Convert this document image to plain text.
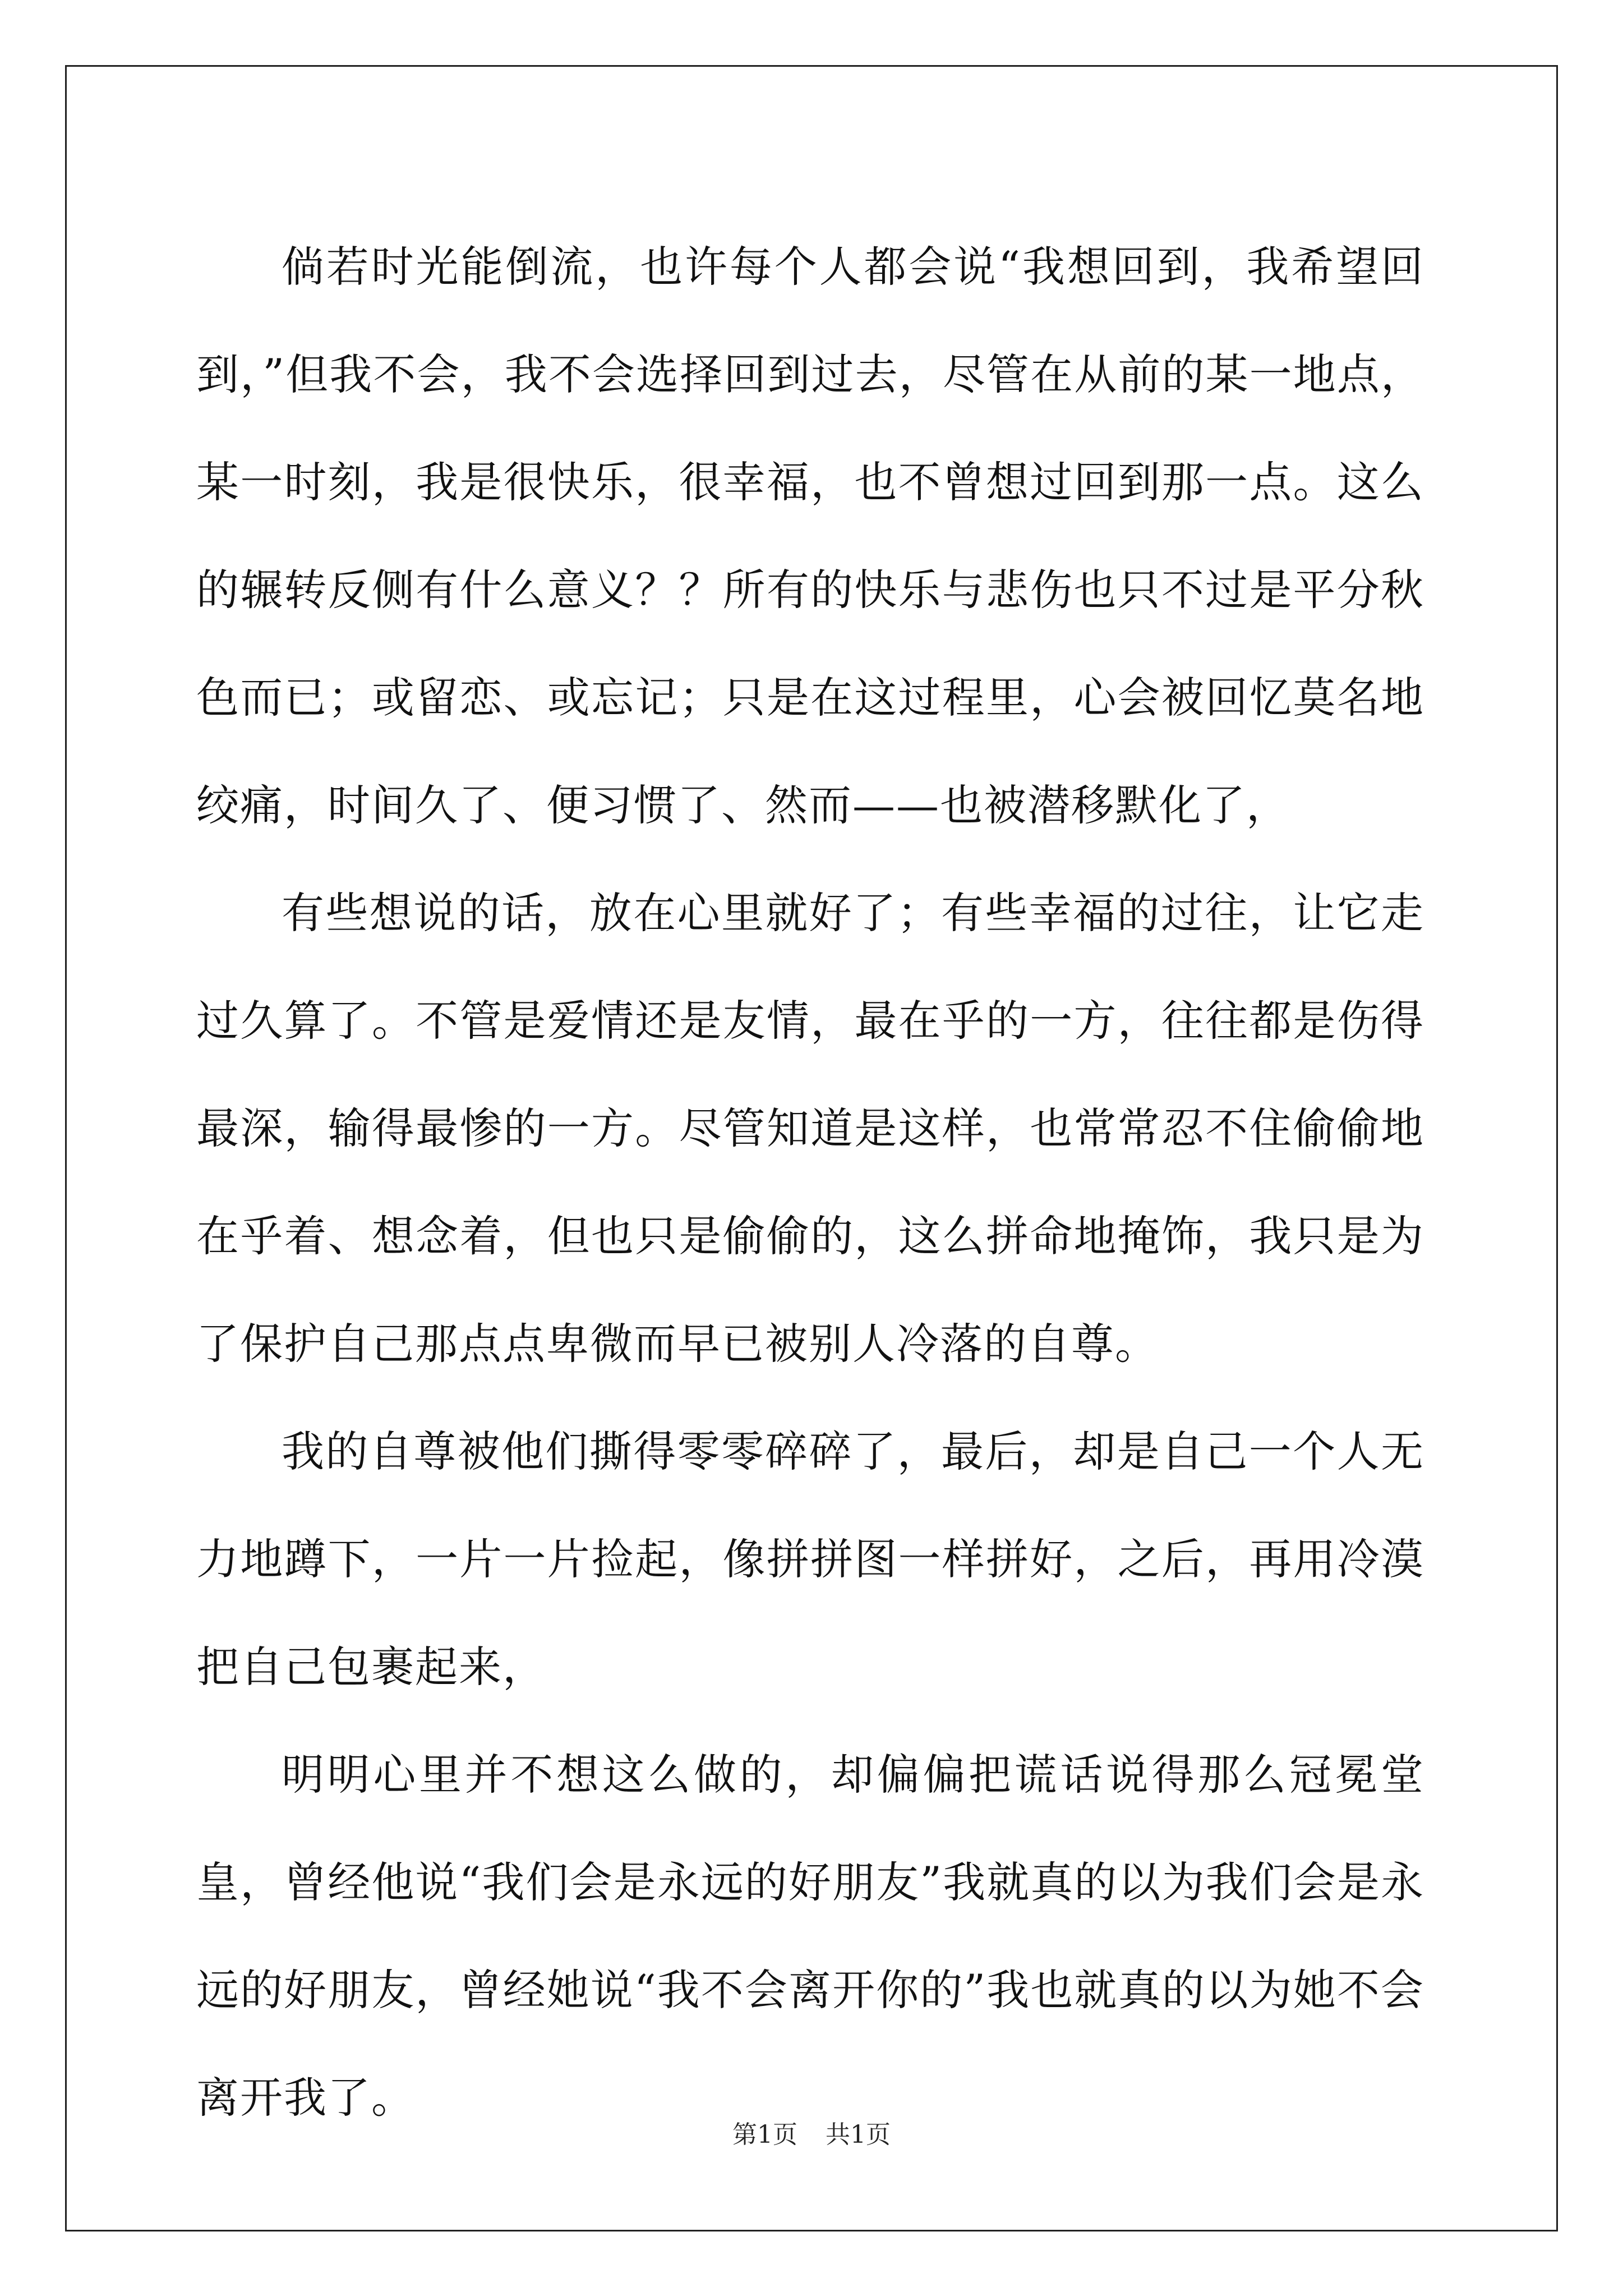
倘若时光能倒流，也许每个人都会说“我想回到，我希望回到，”但我不会，我不会选择回到过去，尽管在从前的某一地点，某一时刻，我是很快乐，很幸福，也不曾想过回到那一点。这么的辗转反侧有什么意义？？所有的快乐与悲伤也只不过是平分秋色而已；或留恋、或忘记；只是在这过程里，心会被回忆莫名地绞痛，时间久了、便习惯了、然而——也被潜移默化了，

有些想说的话，放在心里就好了；有些幸福的过往，让它走过久算了。不管是爱情还是友情，最在乎的一方，往往都是伤得最深，输得最惨的一方。尽管知道是这样，也常常忍不住偷偷地在乎着、想念着，但也只是偷偷的，这么拼命地掩饰，我只是为了保护自己那点点卑微而早已被别人冷落的自尊。

我的自尊被他们撕得零零碎碎了，最后，却是自己一个人无力地蹲下，一片一片捡起，像拼拼图一样拼好，之后，再用冷漠把自己包裹起来，

明明心里并不想这么做的，却偏偏把谎话说得那么冠冕堂皇，曾经他说“我们会是永远的好朋友”我就真的以为我们会是永远的好朋友，曾经她说“我不会离开你的”我也就真的以为她不会离开我了。

第1页 共1页
